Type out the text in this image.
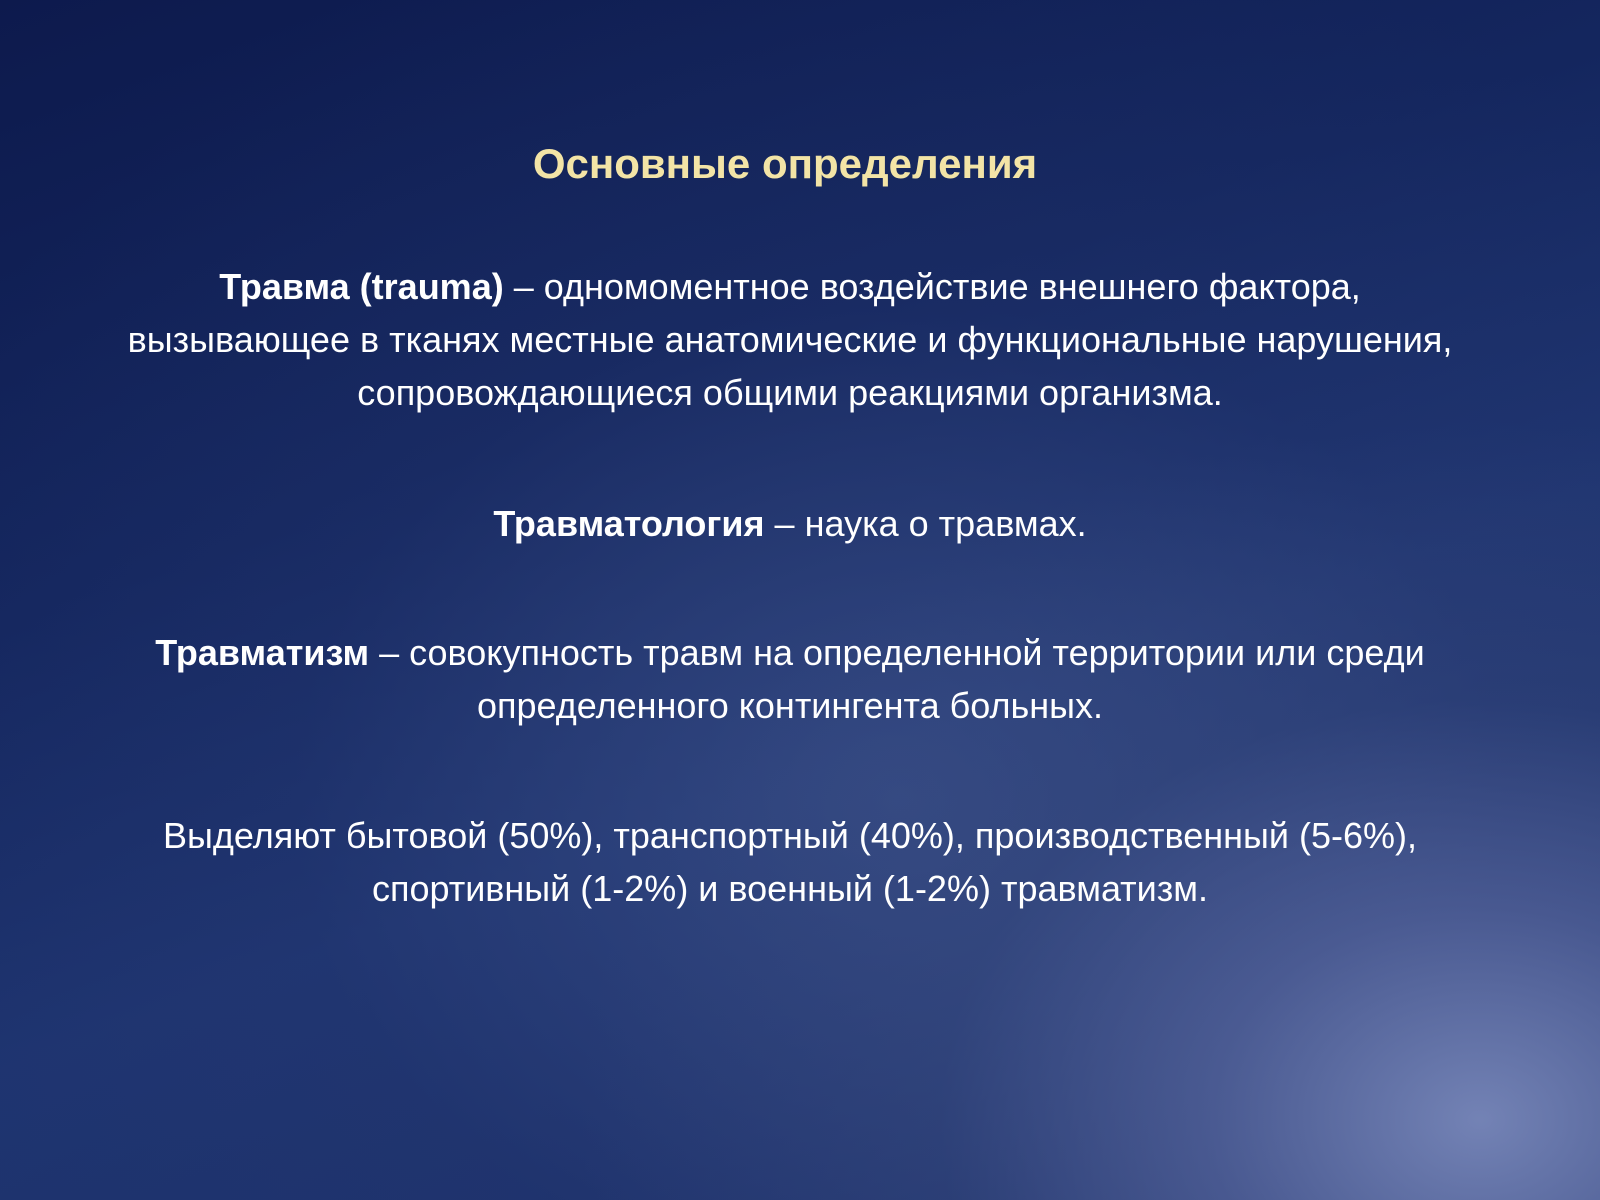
Основные определения
Травма (trauma) – одномоментное воздействие внешнего фактора, вызывающее в тканях местные анатомические и функциональные нарушения, сопровождающиеся общими реакциями организма.
Травматология – наука о травмах.
Травматизм – совокупность травм на определенной территории или среди определенного контингента больных.
Выделяют бытовой (50%), транспортный (40%), производственный (5-6%), спортивный (1-2%) и военный (1-2%) травматизм.
